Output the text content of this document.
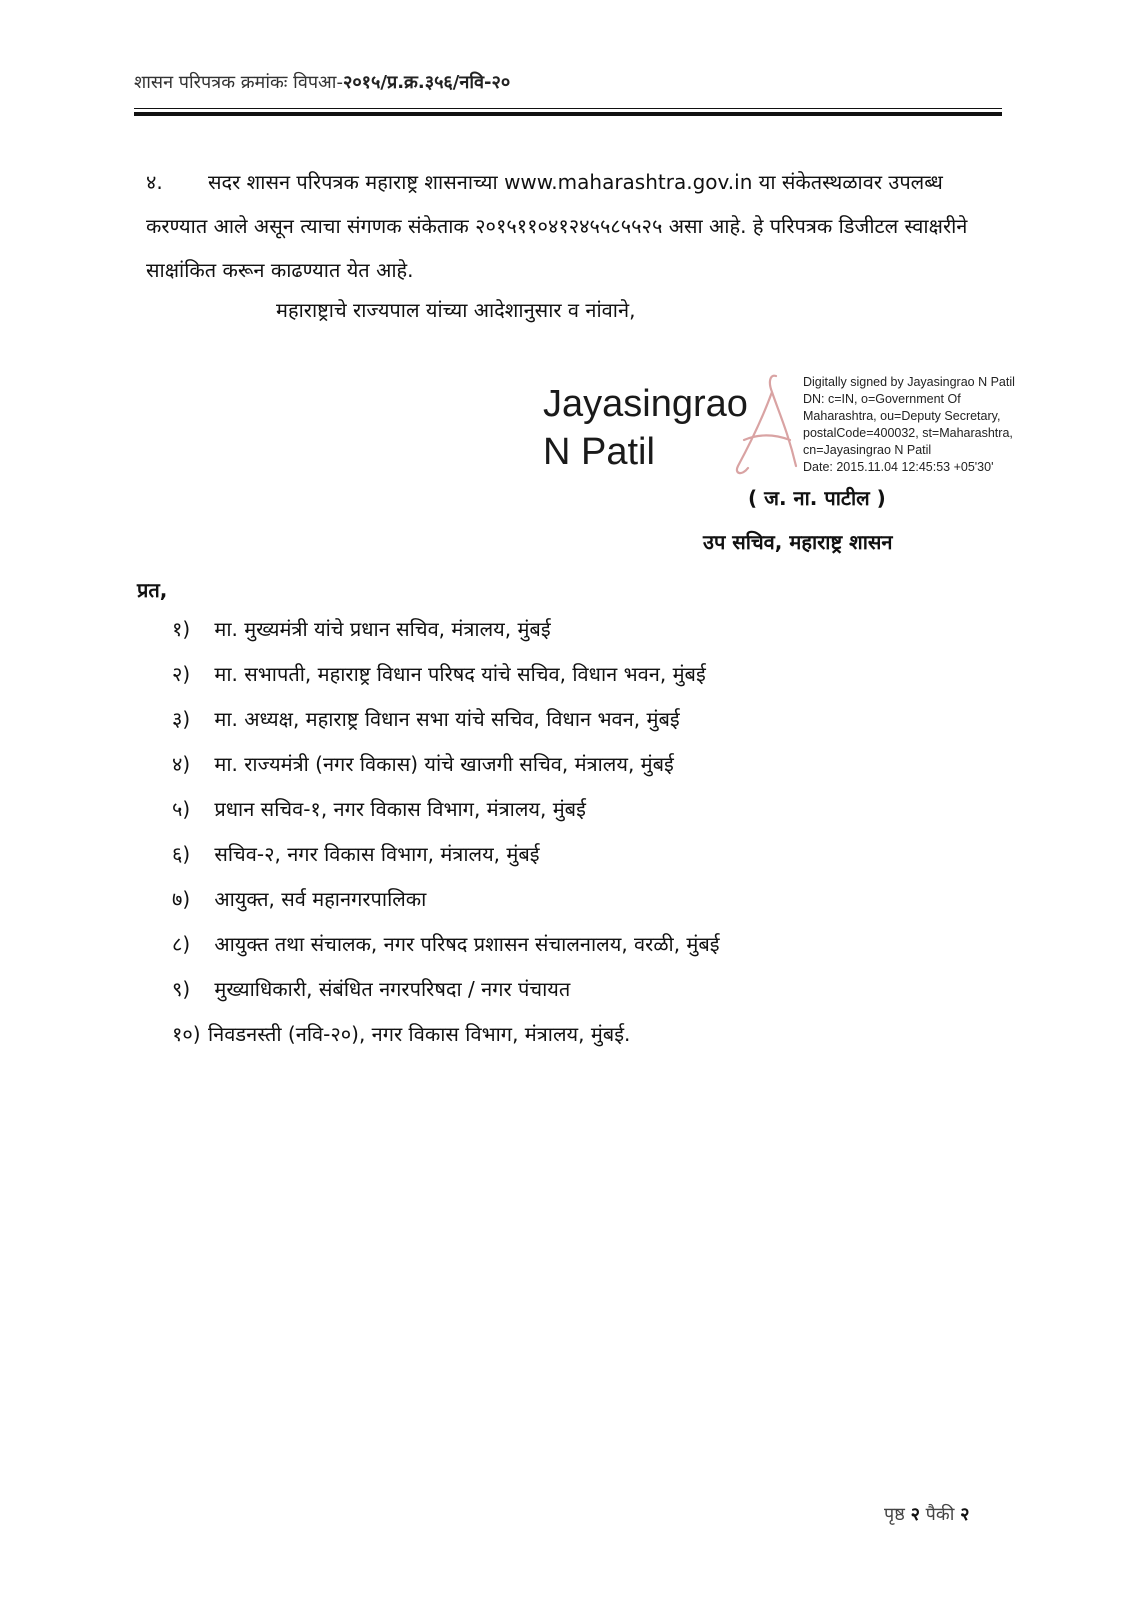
शासन परिपत्रक क्रमांकः विपआ-२०१५/प्र.क्र.३५६/नवि-२०
४. सदर शासन परिपत्रक महाराष्ट्र शासनाच्या www.maharashtra.gov.in या संकेतस्थळावर उपलब्ध करण्यात आले असून त्याचा संगणक संकेताक २०१५११०४१२४५५८५५२५ असा आहे. हे परिपत्रक डिजीटल स्वाक्षरीने साक्षांकित करून काढण्यात येत आहे.
महाराष्ट्राचे राज्यपाल यांच्या आदेशानुसार व नांवाने,
Jayasingrao
N Patil
Digitally signed by Jayasingrao N Patil
DN: c=IN, o=Government Of
Maharashtra, ou=Deputy Secretary,
postalCode=400032, st=Maharashtra,
cn=Jayasingrao N Patil
Date: 2015.11.04 12:45:53 +05'30'
( ज. ना. पाटील )
उप सचिव, महाराष्ट्र शासन
प्रत,
१) मा. मुख्यमंत्री यांचे प्रधान सचिव, मंत्रालय, मुंबई
२) मा. सभापती, महाराष्ट्र विधान परिषद यांचे सचिव, विधान भवन, मुंबई
३) मा. अध्यक्ष, महाराष्ट्र विधान सभा यांचे सचिव, विधान भवन, मुंबई
४) मा. राज्यमंत्री (नगर विकास) यांचे खाजगी सचिव, मंत्रालय, मुंबई
५) प्रधान सचिव-१, नगर विकास विभाग, मंत्रालय, मुंबई
६) सचिव-२, नगर विकास विभाग, मंत्रालय, मुंबई
७) आयुक्त, सर्व महानगरपालिका
८) आयुक्त तथा संचालक, नगर परिषद प्रशासन संचालनालय, वरळी, मुंबई
९) मुख्याधिकारी, संबंधित नगरपरिषदा / नगर पंचायत
१०) निवडनस्ती (नवि-२०), नगर विकास विभाग, मंत्रालय, मुंबई.
पृष्ठ २ पैकी २
